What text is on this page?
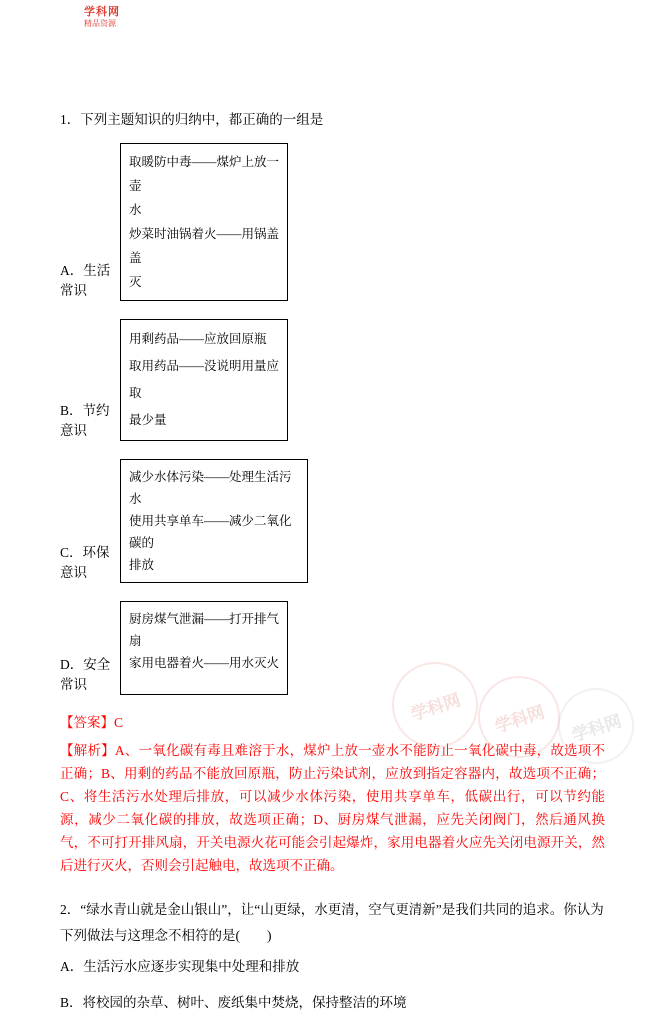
学科网
精品资源

1．下列主题知识的归纳中，都正确的一组是

A．生活常识
取暖防中毒——煤炉上放一壶
水
炒菜时油锅着火——用锅盖盖
灭
B．节约意识
用剩药品——应放回原瓶
取用药品——没说明用量应取
最少量
C．环保意识
减少水体污染——处理生活污水
使用共享单车——减少二氧化碳的
排放
D．安全常识
厨房煤气泄漏——打开排气扇
家用电器着火——用水灭火

【答案】C

【解析】A、一氧化碳有毒且难溶于水，煤炉上放一壶水不能防止一氧化碳中毒，故选项不正确；B、用剩的药品不能放回原瓶，防止污染试剂，应放到指定容器内，故选项不正确；C、将生活污水处理后排放，可以减少水体污染，使用共享单车，低碳出行，可以节约能源，减少二氧化碳的排放，故选项正确；D、厨房煤气泄漏，应先关闭阀门，然后通风换气，不可打开排风扇，开关电源火花可能会引起爆炸，家用电器着火应先关闭电源开关，然后进行灭火，否则会引起触电，故选项不正确。

2．“绿水青山就是金山银山”，让“山更绿，水更清，空气更清新”是我们共同的追求。你认为下列做法与这理念不相符的是(　　)

A．生活污水应逐步实现集中处理和排放

B．将校园的杂草、树叶、废纸集中焚烧，保持整洁的环境

学科网	学科网	学科网
